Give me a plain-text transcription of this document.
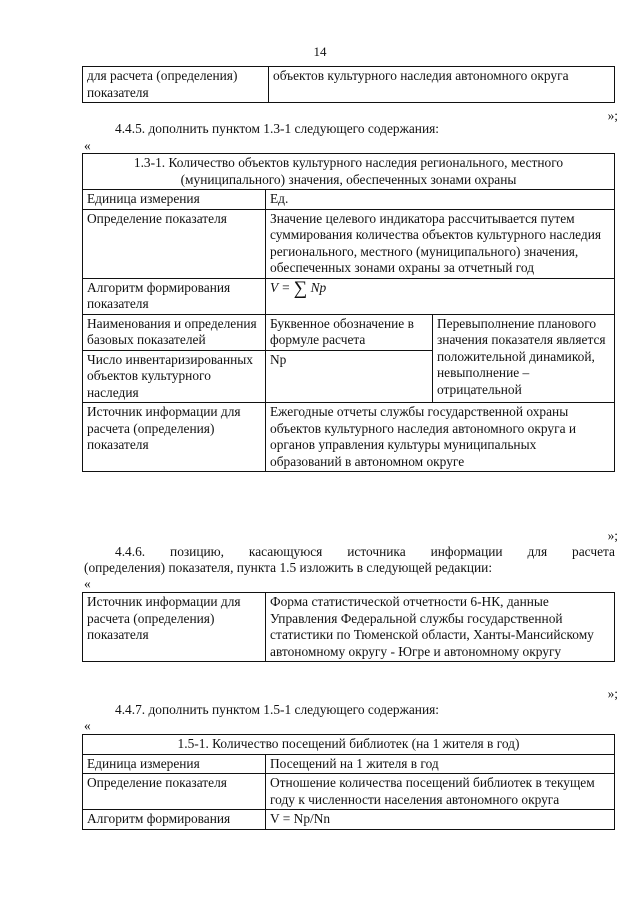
14
для расчета (определения) показателя	объектов культурного наследия автономного округа
»;
4.4.5. дополнить пунктом 1.3-1 следующего содержания:
«
1.3-1. Количество объектов культурного наследия регионального, местного (муниципального) значения, обеспеченных зонами охраны		
Единица измерения	Ед.	
Определение показателя	Значение целевого индикатора рассчитывается путем суммирования количества объектов культурного наследия регионального, местного (муниципального) значения, обеспеченных зонами охраны за отчетный год	
Алгоритм формирования показателя	V = ∑ Np	
Наименования и определения базовых показателей	Буквенное обозначение в формуле расчета	Перевыполнение планового значения показателя является положительной динамикой, невыполнение – отрицательной
Число инвентаризированных объектов культурного наследия	Np	
Источник информации для расчета (определения) показателя	Ежегодные отчеты службы государственной охраны объектов культурного наследия автономного округа и органов управления культуры муниципальных образований в автономном округе	
»;
4.4.6. позицию, касающуюся источника информации для расчета
(определения) показателя, пункта 1.5 изложить в следующей редакции:
«
Источник информации для расчета (определения) показателя	Форма статистической отчетности 6-НК, данные Управления Федеральной службы государственной статистики по Тюменской области, Ханты-Мансийскому автономному округу - Югре и автономному округу
»;
4.4.7. дополнить пунктом 1.5-1 следующего содержания:
«
1.5-1. Количество посещений библиотек (на 1 жителя в год)	
Единица измерения	Посещений на 1 жителя в год
Определение показателя	Отношение количества посещений библиотек в текущем году к численности населения автономного округа
Алгоритм формирования	V = Np/Nn
